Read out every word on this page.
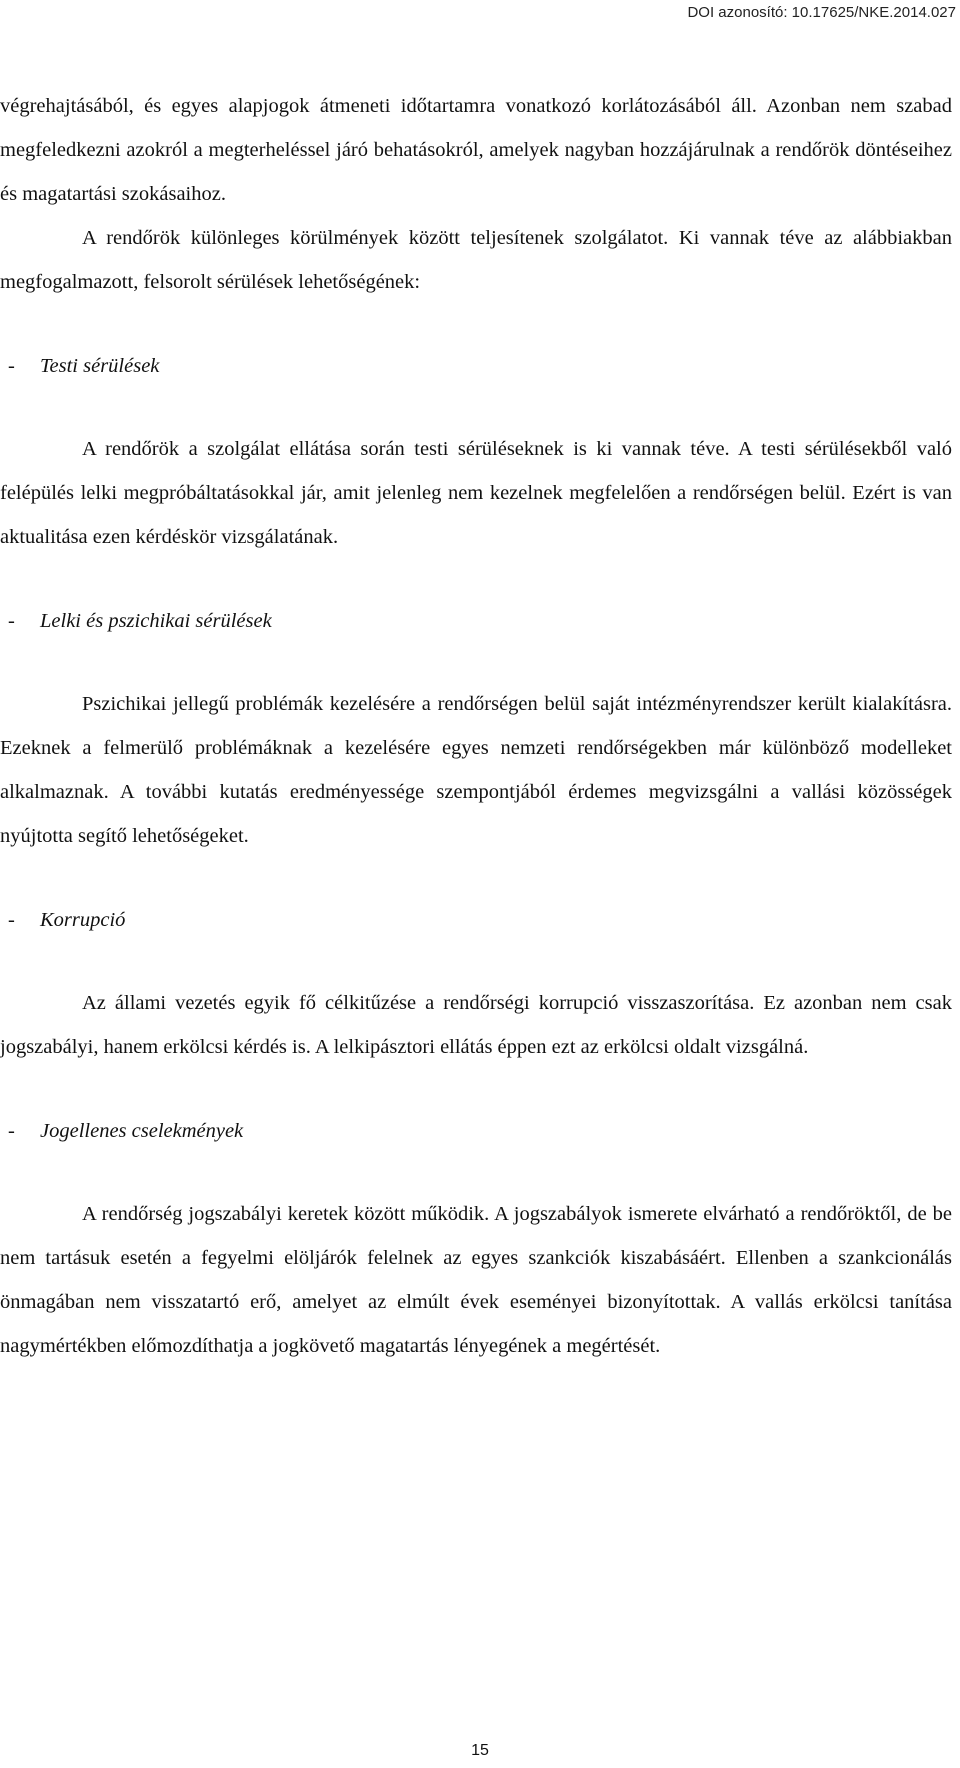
DOI azonosító: 10.17625/NKE.2014.027

végrehajtásából, és egyes alapjogok átmeneti időtartamra vonatkozó korlátozásából áll. Azonban nem szabad megfeledkezni azokról a megterheléssel járó behatásokról, amelyek nagyban hozzájárulnak a rendőrök döntéseihez és magatartási szokásaihoz.

A rendőrök különleges körülmények között teljesítenek szolgálatot. Ki vannak téve az alábbiakban megfogalmazott, felsorolt sérülések lehetőségének:

-	Testi sérülések

A rendőrök a szolgálat ellátása során testi sérüléseknek is ki vannak téve. A testi sérülésekből való felépülés lelki megpróbáltatásokkal jár, amit jelenleg nem kezelnek megfelelően a rendőrségen belül. Ezért is van aktualitása ezen kérdéskör vizsgálatának.

-	Lelki és pszichikai sérülések

Pszichikai jellegű problémák kezelésére a rendőrségen belül saját intézményrendszer került kialakításra. Ezeknek a felmerülő problémáknak a kezelésére egyes nemzeti rendőrségekben már különböző modelleket alkalmaznak. A további kutatás eredményessége szempontjából érdemes megvizsgálni a vallási közösségek nyújtotta segítő lehetőségeket.

-	Korrupció

Az állami vezetés egyik fő célkitűzése a rendőrségi korrupció visszaszorítása. Ez azonban nem csak jogszabályi, hanem erkölcsi kérdés is. A lelkipásztori ellátás éppen ezt az erkölcsi oldalt vizsgálná.

-	Jogellenes cselekmények

A rendőrség jogszabályi keretek között működik. A jogszabályok ismerete elvárható a rendőröktől, de be nem tartásuk esetén a fegyelmi elöljárók felelnek az egyes szankciók kiszabásáért. Ellenben a szankcionálás önmagában nem visszatartó erő, amelyet az elmúlt évek eseményei bizonyítottak. A vallás erkölcsi tanítása nagymértékben előmozdíthatja a jogkövető magatartás lényegének a megértését.

15
